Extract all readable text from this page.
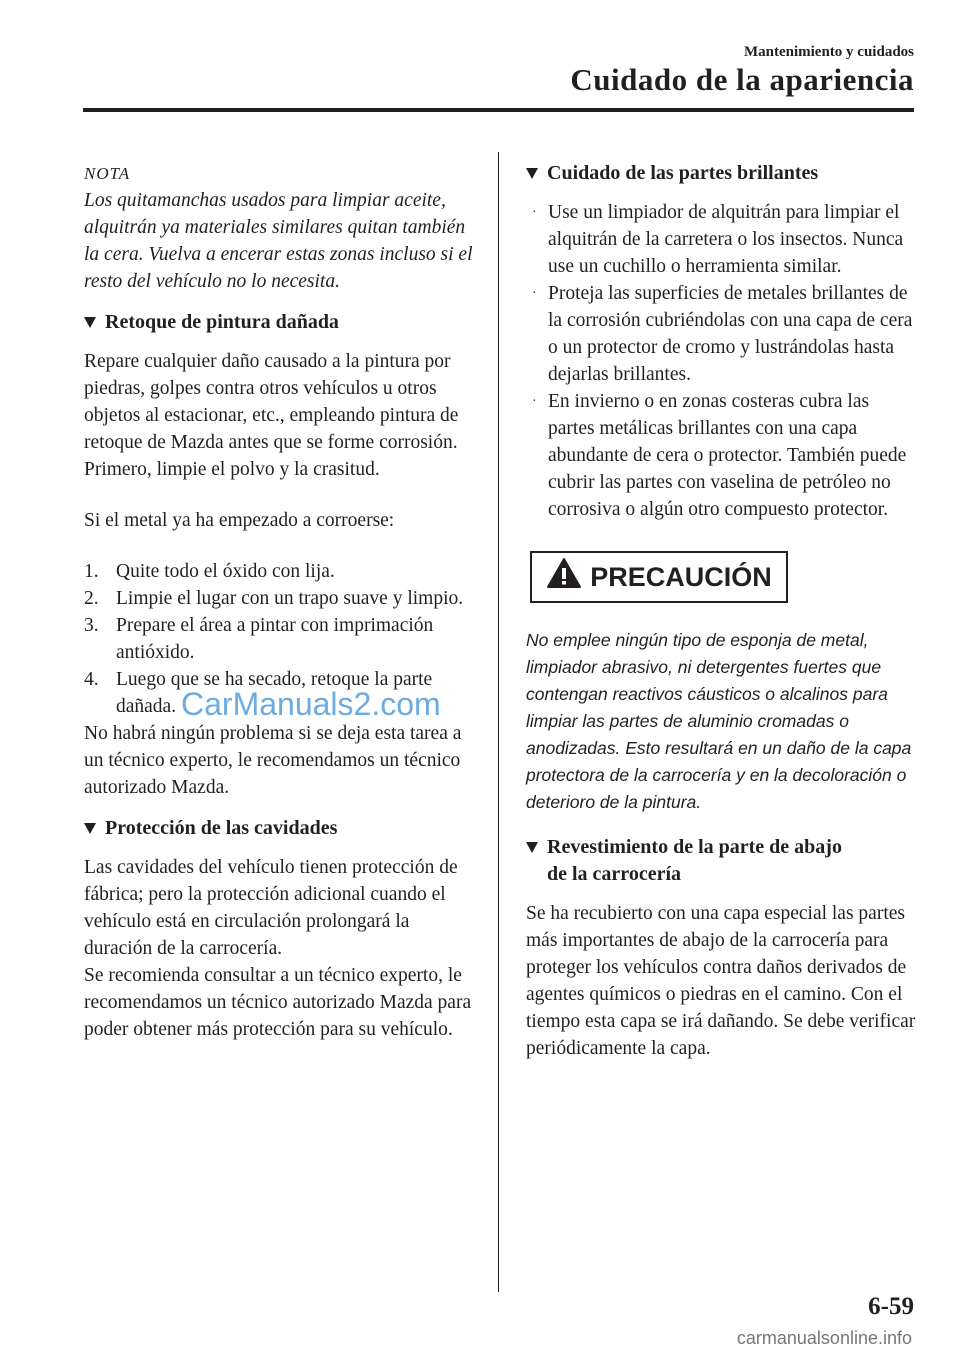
Mantenimiento y cuidados
Cuidado de la apariencia
NOTA

Los quitamanchas usados para limpiar aceite, alquitrán ya materiales similares quitan también la cera. Vuelva a encerar estas zonas incluso si el resto del vehículo no lo necesita.

Retoque de pintura dañada

Repare cualquier daño causado a la pintura por piedras, golpes contra otros vehículos u otros objetos al estacionar, etc., empleando pintura de retoque de Mazda antes que se forme corrosión. Primero, limpie el polvo y la crasitud.

Si el metal ya ha empezado a corroerse:

1. Quite todo el óxido con lija.
2. Limpie el lugar con un trapo suave y limpio.
3. Prepare el área a pintar con imprimación antióxido.
4. Luego que se ha secado, retoque la parte dañada.

No habrá ningún problema si se deja esta tarea a un técnico experto, le recomendamos un técnico autorizado Mazda.

Protección de las cavidades

Las cavidades del vehículo tienen protección de fábrica; pero la protección adicional cuando el vehículo está en circulación prolongará la duración de la carrocería.

Se recomienda consultar a un técnico experto, le recomendamos un técnico autorizado Mazda para poder obtener más protección para su vehículo.

Cuidado de las partes brillantes
· Use un limpiador de alquitrán para limpiar el alquitrán de la carretera o los insectos. Nunca use un cuchillo o herramienta similar.
· Proteja las superficies de metales brillantes de la corrosión cubriéndolas con una capa de cera o un protector de cromo y lustrándolas hasta dejarlas brillantes.
· En invierno o en zonas costeras cubra las partes metálicas brillantes con una capa abundante de cera o protector. También puede cubrir las partes con vaselina de petróleo no corrosiva o algún otro compuesto protector.
PRECAUCIÓN

No emplee ningún tipo de esponja de metal, limpiador abrasivo, ni detergentes fuertes que contengan reactivos cáusticos o alcalinos para limpiar las partes de aluminio cromadas o anodizadas. Esto resultará en un daño de la capa protectora de la carrocería y en la decoloración o deterioro de la pintura.

Revestimiento de la parte de abajo
de la carrocería

Se ha recubierto con una capa especial las partes más importantes de abajo de la carrocería para proteger los vehículos contra daños derivados de agentes químicos o piedras en el camino. Con el tiempo esta capa se irá dañando. Se debe verificar periódicamente la capa.

CarManuals2.com
6-59
carmanualsonline.info
